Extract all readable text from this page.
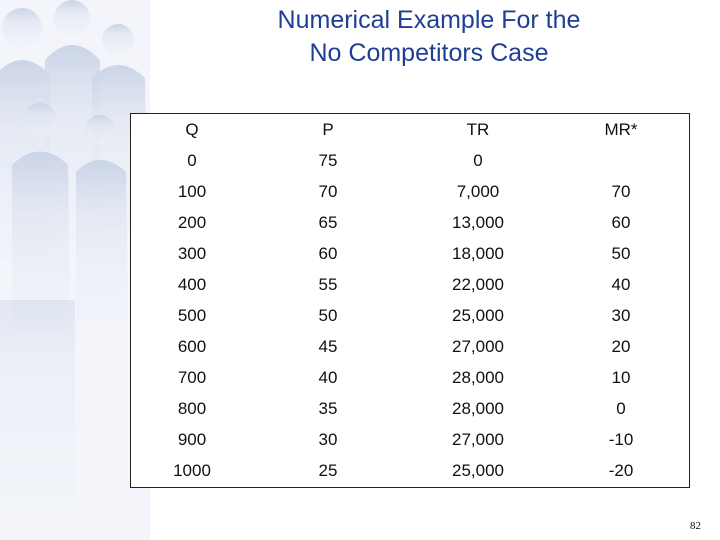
Numerical Example For the
No Competitors Case
Q	P	TR	MR*
0	75	0	
100	70	7,000	70
200	65	13,000	60
300	60	18,000	50
400	55	22,000	40
500	50	25,000	30
600	45	27,000	20
700	40	28,000	10
800	35	28,000	0
900	30	27,000	-10
1000	25	25,000	-20
82
